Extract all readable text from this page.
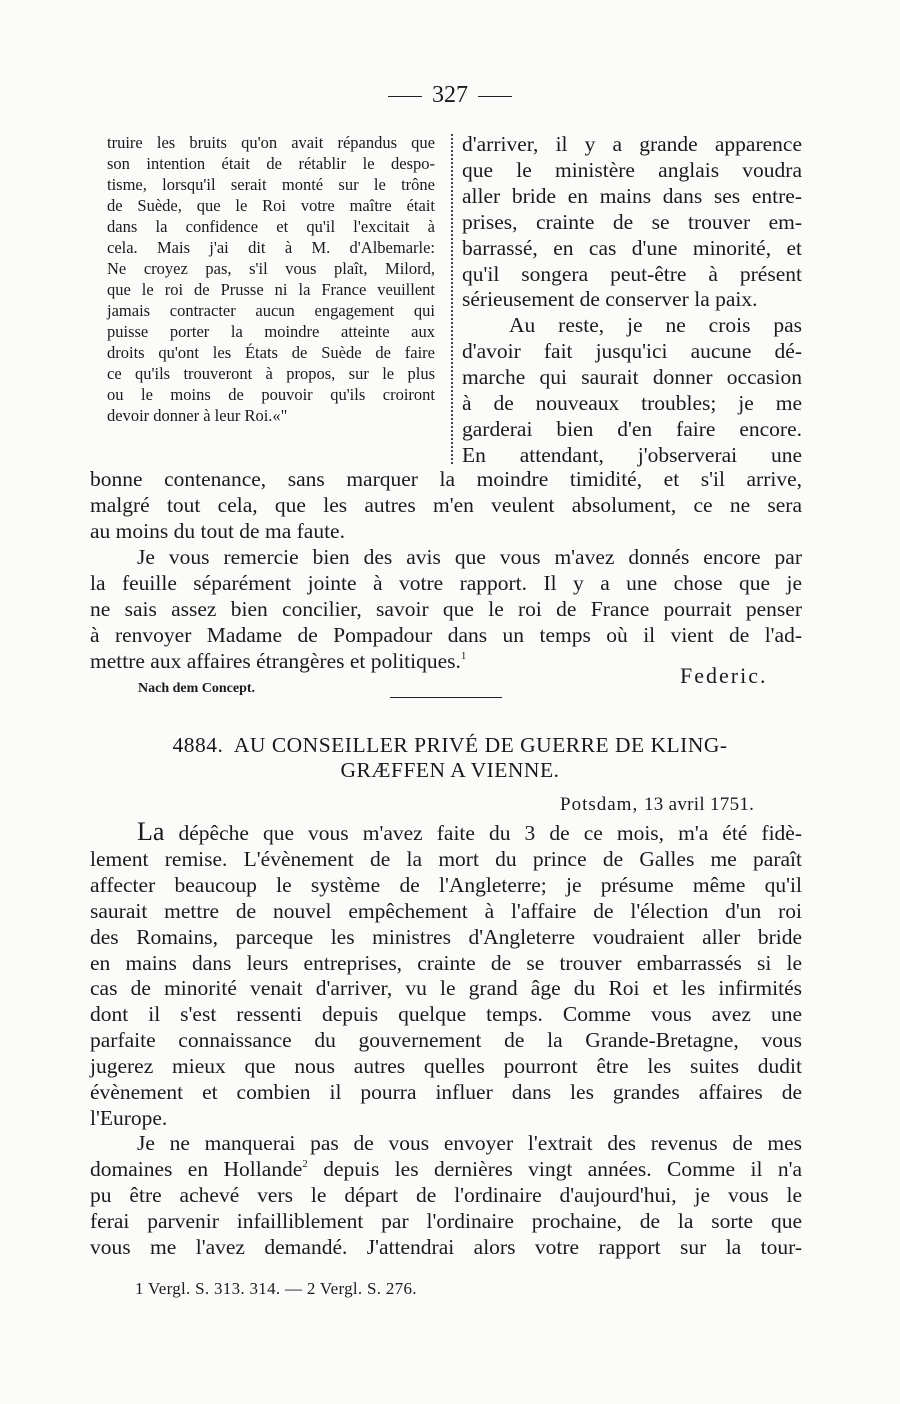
327
truire les bruits qu'on avait répandus que
son intention était de rétablir le despo-
tisme, lorsqu'il serait monté sur le trône
de Suède, que le Roi votre maître était
dans la confidence et qu'il l'excitait à
cela. Mais j'ai dit à M. d'Albemarle:
Ne croyez pas, s'il vous plaît, Milord,
que le roi de Prusse ni la France veuillent
jamais contracter aucun engagement qui
puisse porter la moindre atteinte aux
droits qu'ont les États de Suède de faire
ce qu'ils trouveront à propos, sur le plus
ou le moins de pouvoir qu'ils croiront
devoir donner à leur Roi.«"
d'arriver, il y a grande apparence
que le ministère anglais voudra
aller bride en mains dans ses entre-
prises, crainte de se trouver em-
barrassé, en cas d'une minorité, et
qu'il songera peut-être à présent
sérieusement de conserver la paix.
Au reste, je ne crois pas
d'avoir fait jusqu'ici aucune dé-
marche qui saurait donner occasion
à de nouveaux troubles; je me
garderai bien d'en faire encore.
En attendant, j'observerai une
bonne contenance, sans marquer la moindre timidité, et s'il arrive,
malgré tout cela, que les autres m'en veulent absolument, ce ne sera
au moins du tout de ma faute.
Je vous remercie bien des avis que vous m'avez donnés encore par
la feuille séparément jointe à votre rapport. Il y a une chose que je
ne sais assez bien concilier, savoir que le roi de France pourrait penser
à renvoyer Madame de Pompadour dans un temps où il vient de l'ad-
mettre aux affaires étrangères et politiques.$^1$
Federic.
Nach dem Concept.
4884. AU CONSEILLER PRIVÉ DE GUERRE DE KLING-
GRÆFFEN A VIENNE.
Potsdam, 13 avril 1751.
La dépêche que vous m'avez faite du 3 de ce mois, m'a été fidè-
lement remise. L'évènement de la mort du prince de Galles me paraît
affecter beaucoup le système de l'Angleterre; je présume même qu'il
saurait mettre de nouvel empêchement à l'affaire de l'élection d'un roi
des Romains, parceque les ministres d'Angleterre voudraient aller bride
en mains dans leurs entreprises, crainte de se trouver embarrassés si le
cas de minorité venait d'arriver, vu le grand âge du Roi et les infirmités
dont il s'est ressenti depuis quelque temps. Comme vous avez une
parfaite connaissance du gouvernement de la Grande-Bretagne, vous
jugerez mieux que nous autres quelles pourront être les suites dudit
évènement et combien il pourra influer dans les grandes affaires de
l'Europe.
Je ne manquerai pas de vous envoyer l'extrait des revenus de mes
domaines en Hollande$^2$ depuis les dernières vingt années. Comme il n'a
pu être achevé vers le départ de l'ordinaire d'aujourd'hui, je vous le
ferai parvenir infailliblement par l'ordinaire prochaine, de la sorte que
vous me l'avez demandé. J'attendrai alors votre rapport sur la tour-
1 Vergl. S. 313. 314. — 2 Vergl. S. 276.
